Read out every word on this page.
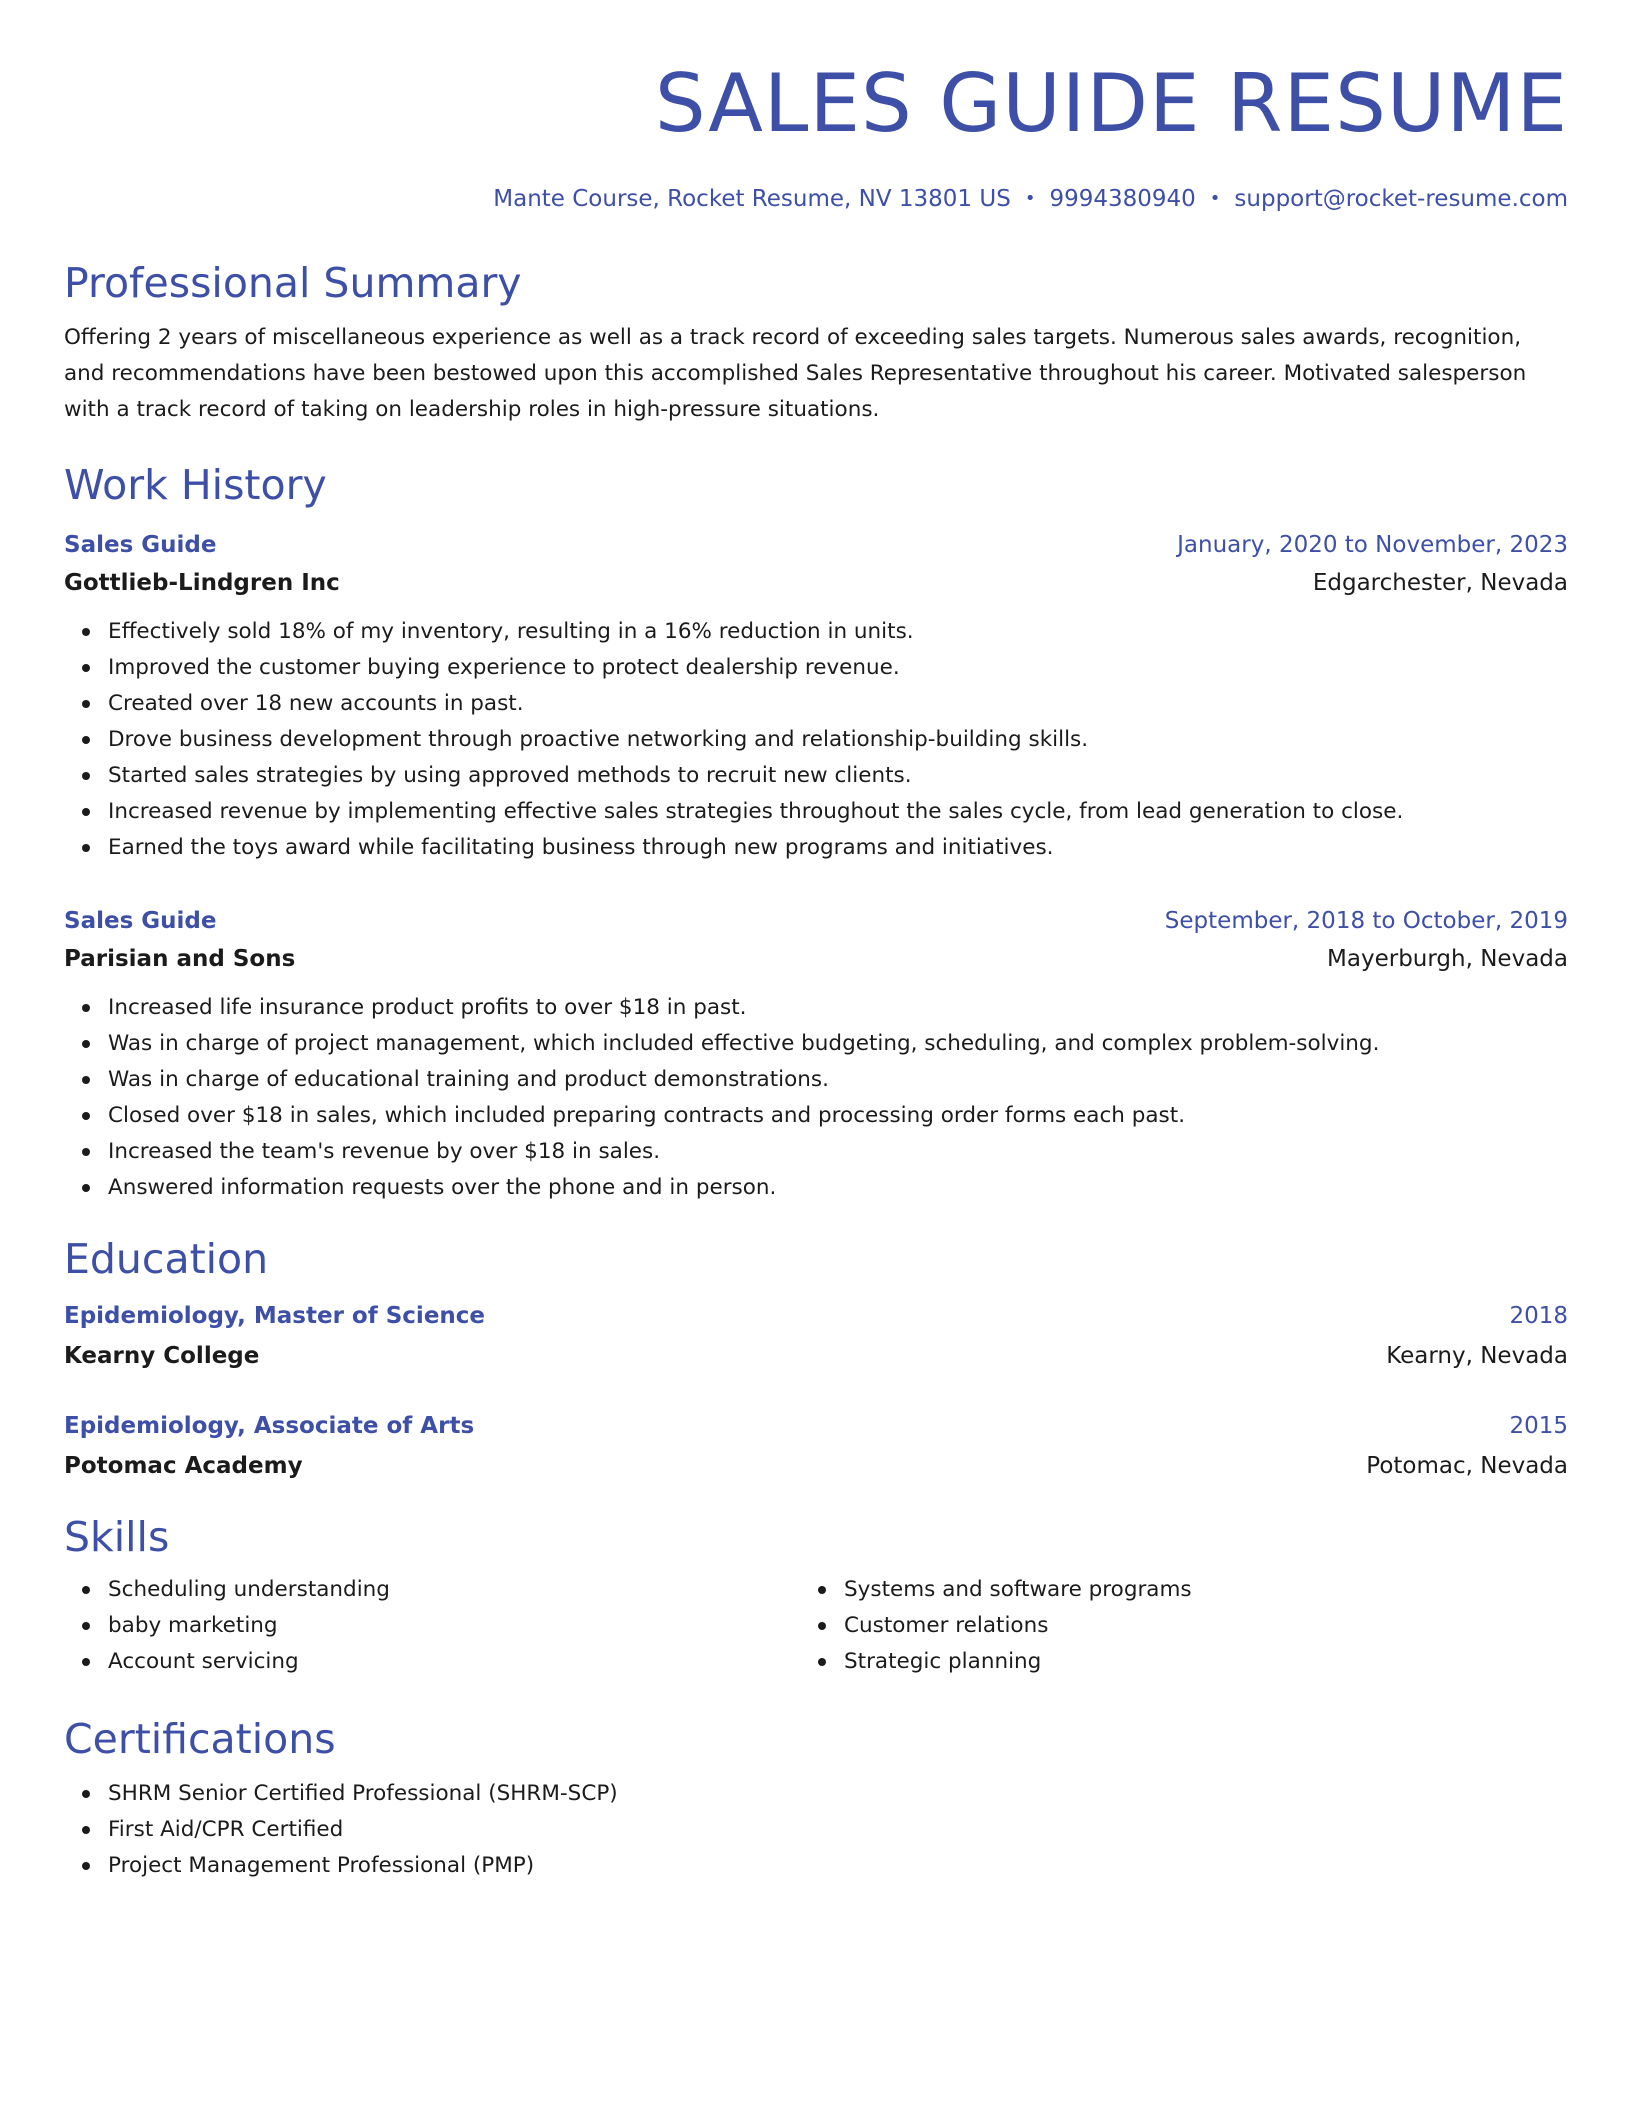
SALES GUIDE RESUME
Mante Course, Rocket Resume, NV 13801 US • 9994380940 • support@rocket-resume.com
Professional Summary

Offering 2 years of miscellaneous experience as well as a track record of exceeding sales targets. Numerous sales awards, recognition, and recommendations have been bestowed upon this accomplished Sales Representative throughout his career. Motivated salesperson with a track record of taking on leadership roles in high-pressure situations.

Work History
Sales Guide	January, 2020 to November, 2023
Gottlieb-Lindgren Inc	Edgarchester, Nevada
Effectively sold 18% of my inventory, resulting in a 16% reduction in units.
Improved the customer buying experience to protect dealership revenue.
Created over 18 new accounts in past.
Drove business development through proactive networking and relationship-building skills.
Started sales strategies by using approved methods to recruit new clients.
Increased revenue by implementing effective sales strategies throughout the sales cycle, from lead generation to close.
Earned the toys award while facilitating business through new programs and initiatives.
Sales Guide	September, 2018 to October, 2019
Parisian and Sons	Mayerburgh, Nevada
Increased life insurance product profits to over $18 in past.
Was in charge of project management, which included effective budgeting, scheduling, and complex problem-solving.
Was in charge of educational training and product demonstrations.
Closed over $18 in sales, which included preparing contracts and processing order forms each past.
Increased the team's revenue by over $18 in sales.
Answered information requests over the phone and in person.
Education
Epidemiology, Master of Science	2018
Kearny College	Kearny, Nevada
Epidemiology, Associate of Arts	2015
Potomac Academy	Potomac, Nevada
Skills
Scheduling understanding
baby marketing
Account servicing
Systems and software programs
Customer relations
Strategic planning
Certifications
SHRM Senior Certified Professional (SHRM-SCP)
First Aid/CPR Certified
Project Management Professional (PMP)
